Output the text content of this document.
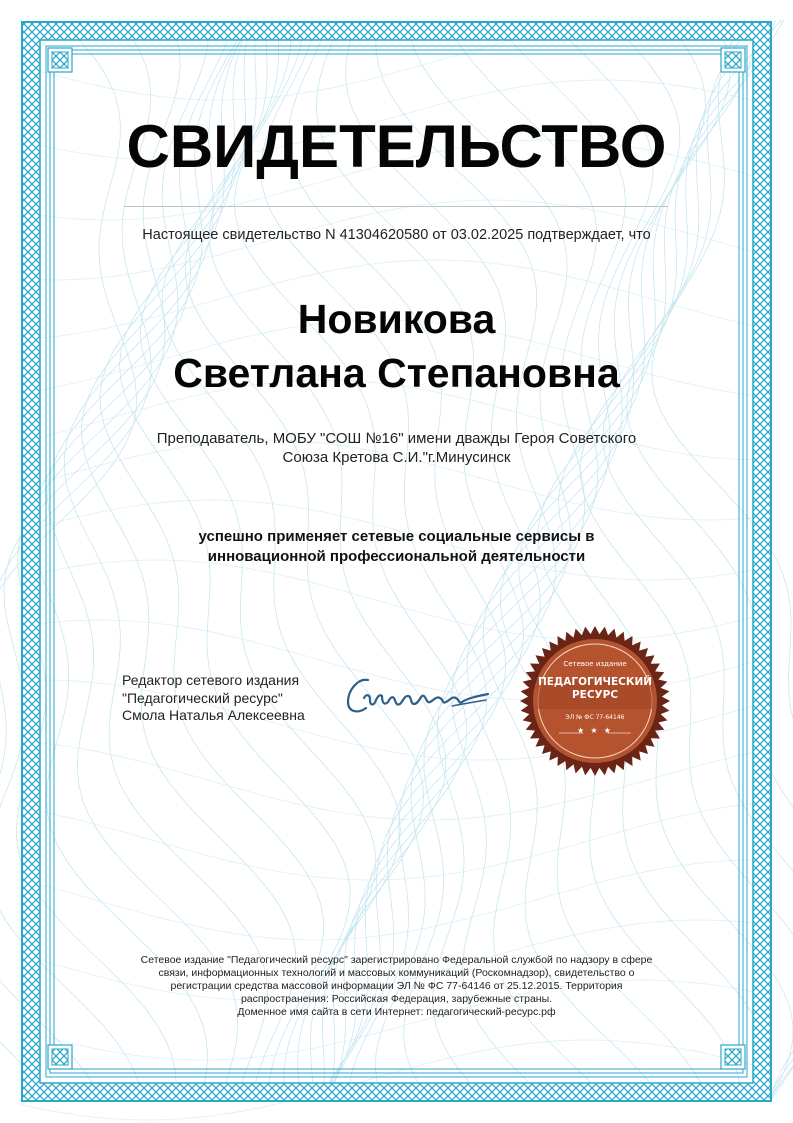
СВИДЕТЕЛЬСТВО
Настоящее свидетельство N 41304620580 от 03.02.2025 подтверждает, что
Новикова
Светлана Степановна
Преподаватель, МОБУ "СОШ №16" имени дважды Героя Советского
Союза Кретова С.И."г.Минусинск
успешно применяет сетевые социальные сервисы в
инновационной профессиональной деятельности
Редактор сетевого издания
"Педагогический ресурс"
Смола Наталья Алексеевна
Сетевое издание
ПЕДАГОГИЧЕСКИЙ
РЕСУРС
ЭЛ № ФС 77-64146
★ ★ ★
Сетевое издание "Педагогический ресурс" зарегистрировано Федеральной службой по надзору в сфере
связи, информационных технологий и массовых коммуникаций (Роскомнадзор), свидетельство о
регистрации средства массовой информации ЭЛ № ФС 77-64146 от 25.12.2015. Территория
распространения: Российская Федерация, зарубежные страны.
Доменное имя сайта в сети Интернет: педагогический-ресурс.рф
